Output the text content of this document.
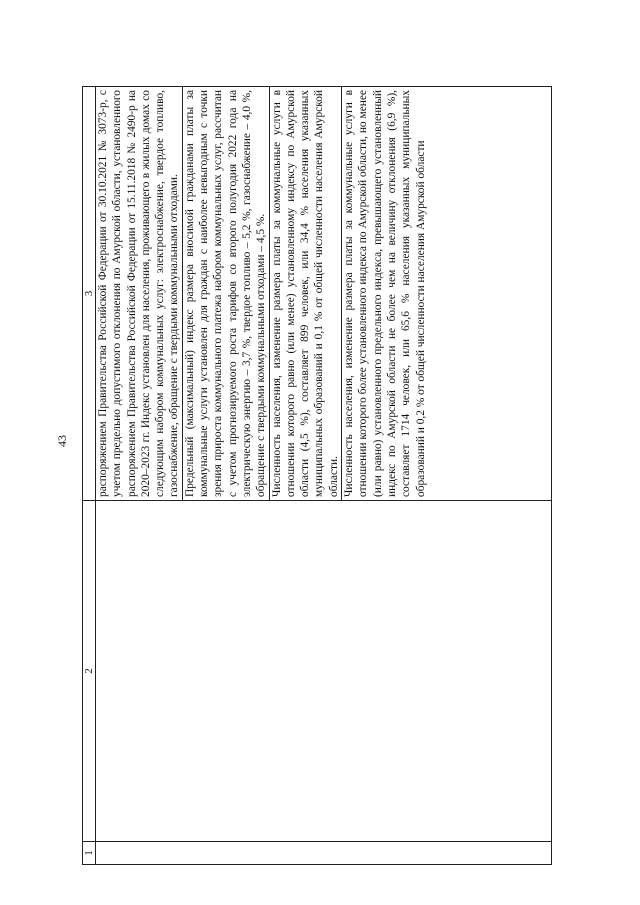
43
1	2	3

		распоряжением Правительства Российской Федерации от 30.10.2021 № 3073-р, с учетом предельно допустимого отклонения по Амурской области, установленного распоряжением Правительства Российской Федерации от 15.11.2018 № 2490-р на 2020–2023 гг. Индекс установлен для населения, проживающего в жилых домах со следующим набором коммунальных услуг: электроснабжение, твердое топливо, газоснабжение, обращение с твердыми коммунальными отходами. Предельный (максимальный) индекс размера вносимой гражданами платы за коммунальные услуги установлен для граждан с наиболее невыгодным с точки зрения прироста коммунального платежа набором коммунальных услуг, рассчитан с учетом прогнозируемого роста тарифов со второго полугодия 2022 года на электрическую энергию – 3,7 %, твердое топливо – 5,2 %, газоснабжение – 4,0 %, обращение с твердыми коммунальными отходами – 4,5 %. Численность населения, изменение размера платы за коммунальные услуги в отношении которого равно (или менее) установленному индексу по Амурской области (4,5 %), составляет 899 человек, или 34,4 % населения указанных муниципальных образований и 0,1 % от общей численности населения Амурской области. Численность населения, изменение размера платы за коммунальные услуги в отношении которого более установленного индекса по Амурской области, но менее (или равно) установленного предельного индекса, превышающего установленный индекс по Амурской области не более чем на величину отклонения (6,9 %), составляет 1714 человек, или 65,6 % населения указанных муниципальных образований и 0,2 % от общей численности населения Амурской области
